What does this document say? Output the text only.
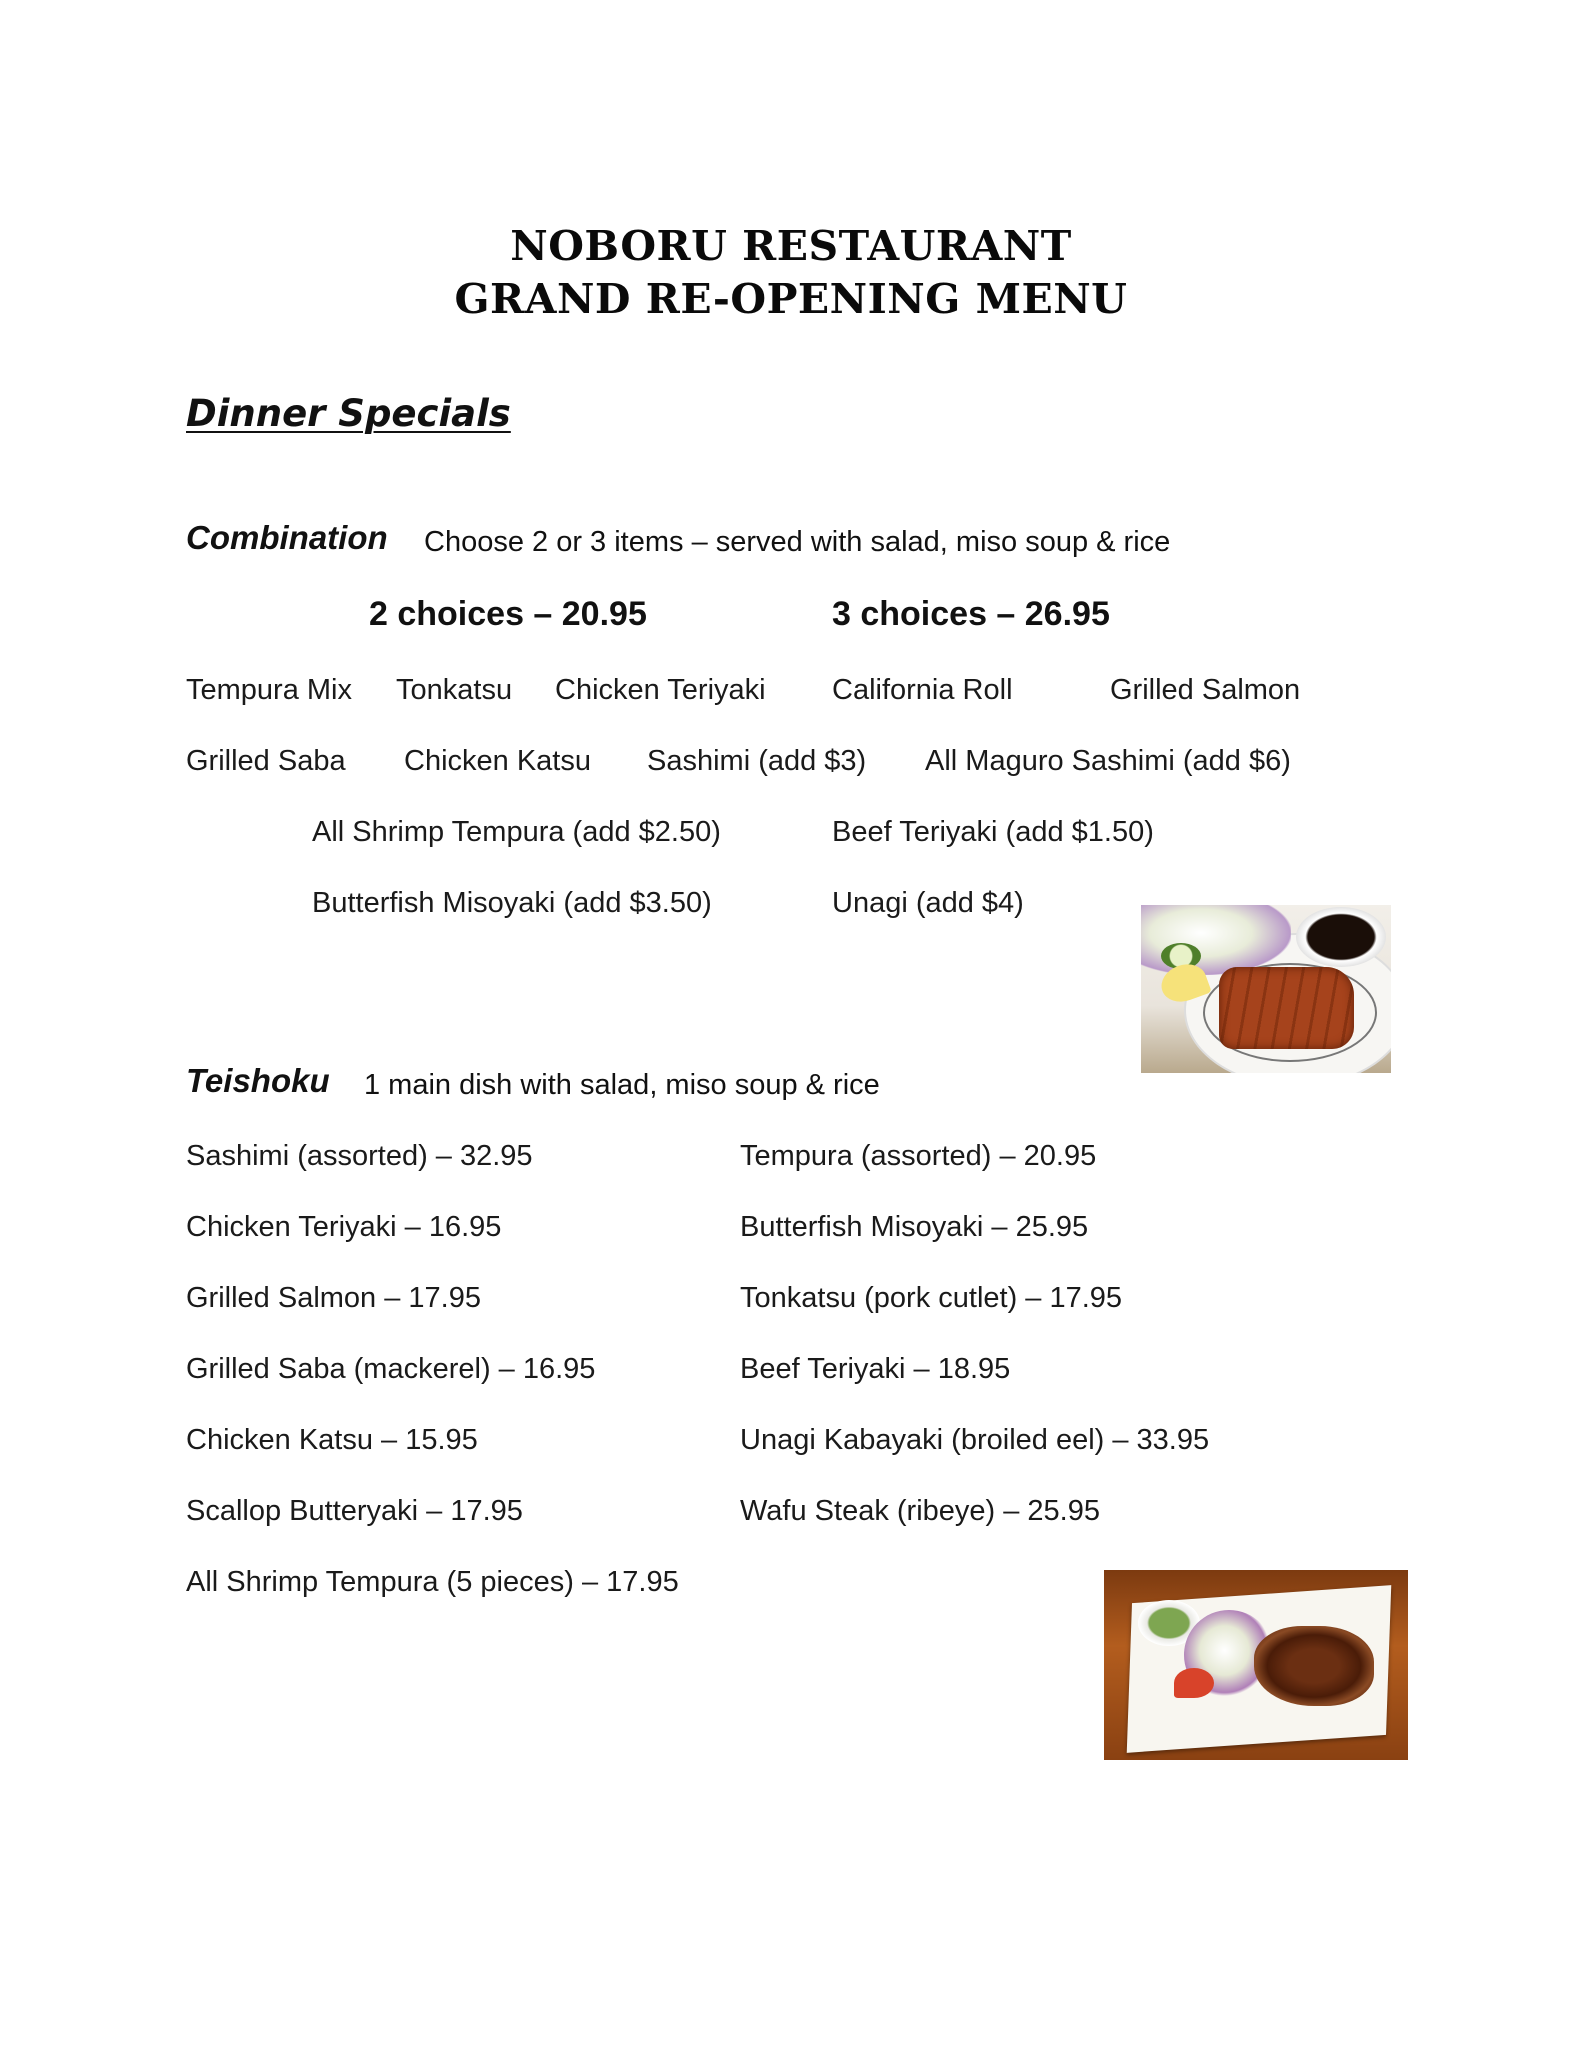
NOBORU RESTAURANT
GRAND RE-OPENING MENU
Dinner Specials
Combination Choose 2 or 3 items – served with salad, miso soup & rice
2 choices – 20.95	3 choices – 26.95
Tempura Mix Tonkatsu Chicken Teriyaki California Roll	Grilled Salmon
Grilled Saba Chicken Katsu Sashimi (add $3) All Maguro Sashimi (add $6)
All Shrimp Tempura (add $2.50)	Beef Teriyaki (add $1.50)
Butterfish Misoyaki (add $3.50)	Unagi (add $4)
Teishoku 1 main dish with salad, miso soup & rice
Sashimi (assorted) – 32.95
Chicken Teriyaki – 16.95
Grilled Salmon – 17.95
Grilled Saba (mackerel) – 16.95
Chicken Katsu – 15.95
Scallop Butteryaki – 17.95
All Shrimp Tempura (5 pieces) – 17.95
Tempura (assorted) – 20.95
Butterfish Misoyaki – 25.95
Tonkatsu (pork cutlet) – 17.95
Beef Teriyaki – 18.95
Unagi Kabayaki (broiled eel) – 33.95
Wafu Steak (ribeye) – 25.95
